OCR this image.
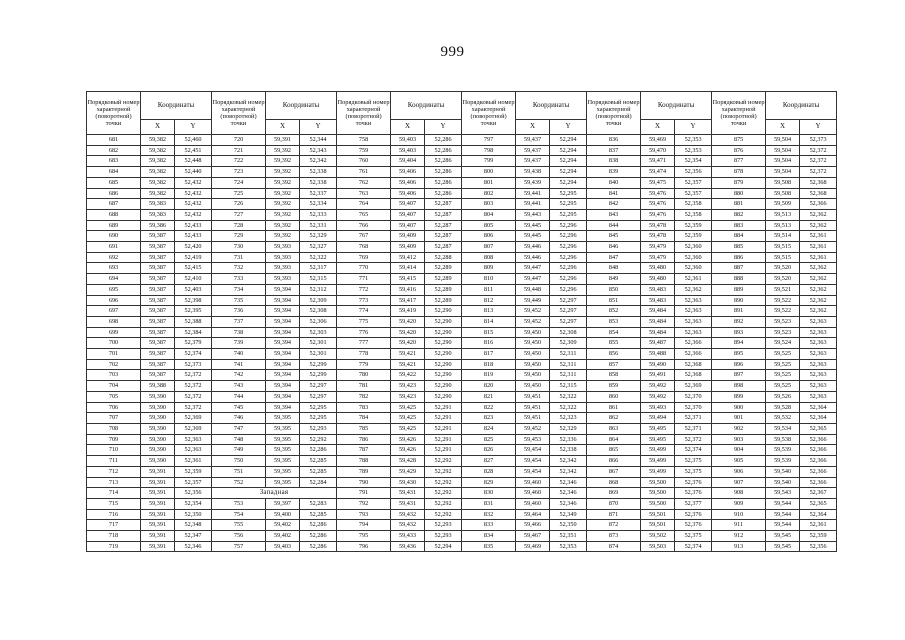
999
Порядковый номер характерной (поворотной) точки	Координаты		Порядковый номер характерной (поворотной) точки	Координаты		Порядковый номер характерной (поворотной) точки	Координаты		Порядковый номер характерной (поворотной) точки	Координаты		Порядковый номер характерной (поворотной) точки	Координаты		Порядковый номер характерной (поворотной) точки	Координаты	
	X	Y		X	Y		X	Y		X	Y		X	Y		X	Y
681	59,382	52,460	720	59,391	52,344	758	59,403	52,286	797	59,437	52,294	836	59,469	52,353	875	59,504	52,373
682	59,382	52,451	721	59,392	52,343	759	59,403	52,286	798	59,437	52,294	837	59,470	52,353	876	59,504	52,372
683	59,382	52,448	722	59,392	52,342	760	59,404	52,286	799	59,437	52,294	838	59,471	52,354	877	59,504	52,372
684	59,382	52,440	723	59,392	52,338	761	59,406	52,286	800	59,438	52,294	839	59,474	52,356	878	59,504	52,372
685	59,382	52,432	724	59,392	52,338	762	59,406	52,286	801	59,439	52,294	840	59,475	52,357	879	59,508	52,368
686	59,382	52,432	725	59,392	52,337	763	59,406	52,286	802	59,441	52,295	841	59,476	52,357	880	59,508	52,368
687	59,383	52,432	726	59,392	52,334	764	59,407	52,287	803	59,441	52,295	842	59,476	52,358	881	59,509	52,366
688	59,383	52,432	727	59,392	52,333	765	59,407	52,287	804	59,443	52,295	843	59,476	52,358	882	59,513	52,362
689	59,386	52,433	728	59,392	52,331	766	59,407	52,287	805	59,445	52,296	844	59,478	52,359	883	59,513	52,362
690	59,387	52,433	729	59,392	52,329	767	59,409	52,287	806	59,445	52,296	845	59,478	52,359	884	59,514	52,361
691	59,387	52,420	730	59,393	52,327	768	59,409	52,287	807	59,446	52,296	846	59,479	52,360	885	59,515	52,361
692	59,387	52,419	731	59,393	52,322	769	59,412	52,288	808	59,446	52,296	847	59,479	52,360	886	59,515	52,361
693	59,387	52,415	732	59,393	52,317	770	59,414	52,289	809	59,447	52,296	848	59,480	52,360	887	59,520	52,362
694	59,387	52,410	733	59,393	52,315	771	59,415	52,289	810	59,447	52,296	849	59,480	52,361	888	59,520	52,362
695	59,387	52,403	734	59,394	52,312	772	59,416	52,289	811	59,448	52,296	850	59,483	52,362	889	59,521	52,362
696	59,387	52,398	735	59,394	52,309	773	59,417	52,289	812	59,449	52,297	851	59,483	52,363	890	59,522	52,362
697	59,387	52,395	736	59,394	52,308	774	59,419	52,290	813	59,452	52,297	852	59,484	52,363	891	59,522	52,362
698	59,387	52,388	737	59,394	52,306	775	59,420	52,290	814	59,452	52,297	853	59,484	52,363	892	59,523	52,363
699	59,387	52,384	738	59,394	52,303	776	59,420	52,290	815	59,450	52,308	854	59,484	52,363	893	59,523	52,363
700	59,387	52,379	739	59,394	52,301	777	59,420	52,290	816	59,450	52,309	855	59,487	52,366	894	59,524	52,363
701	59,387	52,374	740	59,394	52,301	778	59,421	52,290	817	59,450	52,311	856	59,488	52,366	895	59,525	52,363
702	59,387	52,373	741	59,394	52,299	779	59,421	52,290	818	59,450	52,311	857	59,490	52,368	896	59,525	52,363
703	59,387	52,372	742	59,394	52,299	780	59,422	52,290	819	59,450	52,311	858	59,491	52,368	897	59,525	52,363
704	59,388	52,372	743	59,394	52,297	781	59,423	52,290	820	59,450	52,315	859	59,492	52,369	898	59,525	52,363
705	59,390	52,372	744	59,394	52,297	782	59,423	52,290	821	59,451	52,322	860	59,492	52,370	899	59,526	52,363
706	59,390	52,372	745	59,394	52,295	783	59,425	52,291	822	59,451	52,322	861	59,493	52,370	900	59,528	52,364
707	59,390	52,369	746	59,395	52,295	784	59,425	52,291	823	59,451	52,323	862	59,494	52,371	901	59,532	52,364
708	59,390	52,369	747	59,395	52,293	785	59,425	52,291	824	59,452	52,329	863	59,495	52,371	902	59,534	52,365
709	59,390	52,363	748	59,395	52,292	786	59,426	52,291	825	59,453	52,336	864	59,495	52,372	903	59,538	52,366
710	59,390	52,363	749	59,395	52,286	787	59,426	52,291	826	59,454	52,338	865	59,499	52,374	904	59,539	52,366
711	59,390	52,361	750	59,395	52,285	788	59,428	52,292	827	59,454	52,342	866	59,499	52,375	905	59,539	52,366
712	59,391	52,359	751	59,395	52,285	789	59,429	52,292	828	59,454	52,342	867	59,499	52,375	906	59,540	52,366
713	59,391	52,357	752	59,395	52,284	790	59,430	52,292	829	59,460	52,346	868	59,500	52,376	907	59,540	52,366
714	59,391	52,356	Западная			791	59,431	52,292	830	59,460	52,346	869	59,500	52,376	908	59,543	52,367
715	59,391	52,354	753	59,397	52,283	792	59,431	52,292	831	59,460	52,346	870	59,500	52,377	909	59,544	52,365
716	59,391	52,350	754	59,400	52,285	793	59,432	52,292	832	59,464	52,349	871	59,501	52,376	910	59,544	52,364
717	59,391	52,348	755	59,402	52,286	794	59,432	52,293	833	59,466	52,350	872	59,501	52,376	911	59,544	52,361
718	59,391	52,347	756	59,402	52,286	795	59,433	52,293	834	59,467	52,351	873	59,502	52,375	912	59,545	52,359
719	59,391	52,346	757	59,403	52,286	796	59,436	52,294	835	59,469	52,353	874	59,503	52,374	913	59,545	52,356
